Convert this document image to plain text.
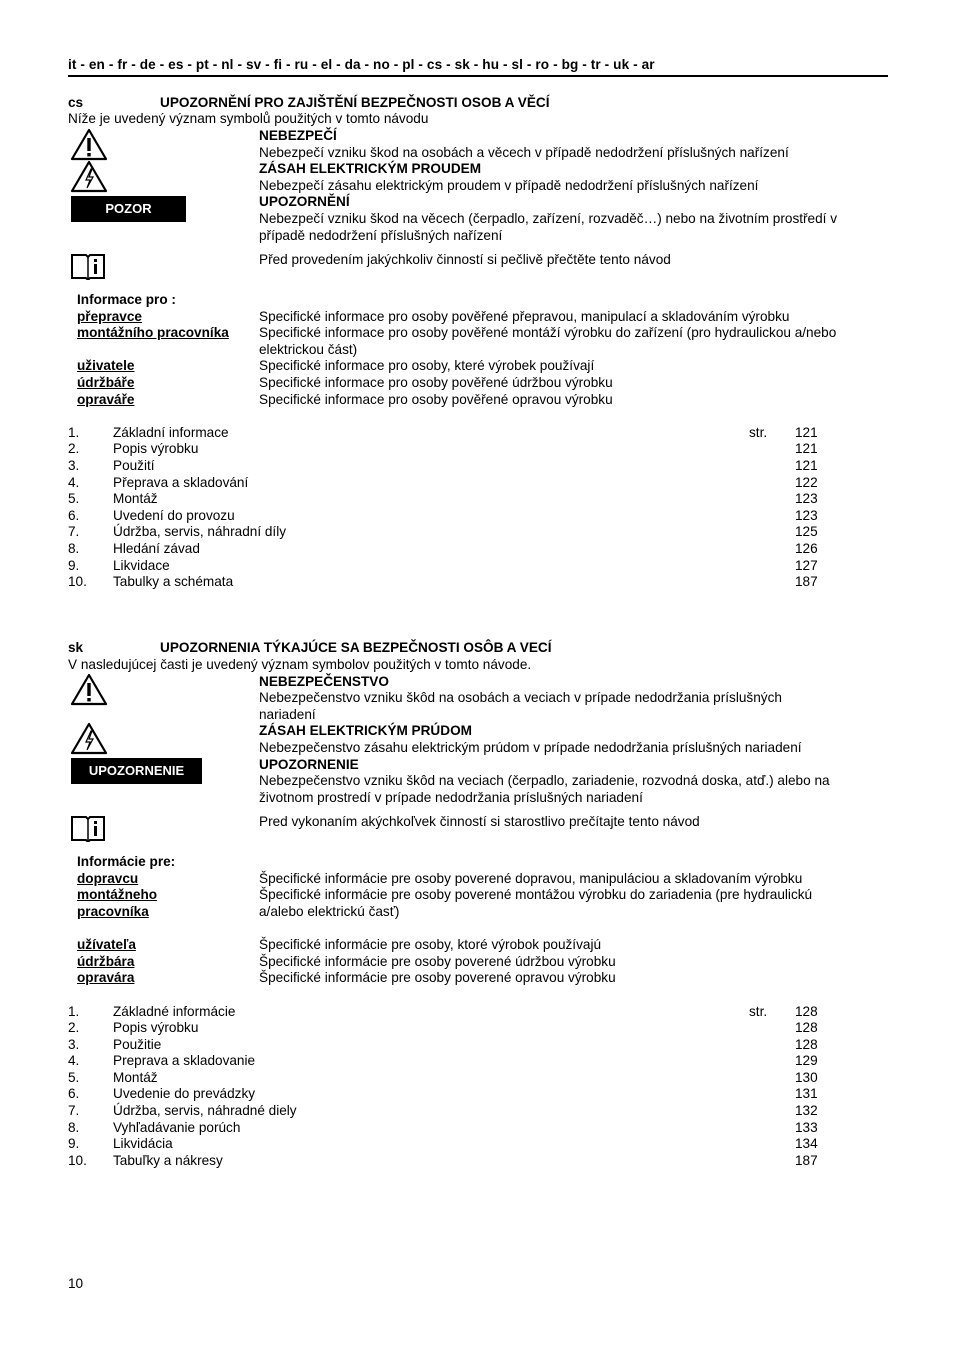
it - en - fr - de - es - pt - nl - sv - fi - ru - el - da - no - pl - cs - sk - hu - sl - ro - bg - tr - uk - ar
cs	UPOZORNĚNÍ PRO ZAJIŠTĚNÍ BEZPEČNOSTI OSOB A VĚCÍ
Níže je uvedený význam symbolů použitých v tomto návodu
POZOR
NEBEZPEČÍ
Nebezpečí vzniku škod na osobách a věcech v případě nedodržení příslušných nařízení
ZÁSAH ELEKTRICKÝM PROUDEM
Nebezpečí zásahu elektrickým proudem v případě nedodržení příslušných nařízení
UPOZORNĚNÍ
Nebezpečí vzniku škod na věcech (čerpadlo, zařízení, rozvaděč…) nebo na životním prostředí v
případě nedodržení příslušných nařízení
Před provedením jakýchkoliv činností si pečlivě přečtěte tento návod
Informace pro :
přepravce	Specifické informace pro osoby pověřené přepravou, manipulací a skladováním výrobku
montážního pracovníka Specifické informace pro osoby pověřené montáží výrobku do zařízení (pro hydraulickou a/nebo
elektrickou část)
uživatele	Specifické informace pro osoby, které výrobek používají
údržbáře	Specifické informace pro osoby pověřené údržbou výrobku
opraváře	Specifické informace pro osoby pověřené opravou výrobku
1. Základní informace	str. 121
2. Popis výrobku	121
3. Použití	121
4. Přeprava a skladování	122
5. Montáž	123
6. Uvedení do provozu	123
7. Údržba, servis, náhradní díly	125
8. Hledání závad	126
9. Likvidace	127
10. Tabulky a schémata	187
sk	UPOZORNENIA TÝKAJÚCE SA BEZPEČNOSTI OSÔB A VECÍ
V nasledujúcej časti je uvedený význam symbolov použitých v tomto návode.
UPOZORNENIE
NEBEZPEČENSTVO
Nebezpečenstvo vzniku škôd na osobách a veciach v prípade nedodržania príslušných
nariadení
ZÁSAH ELEKTRICKÝM PRÚDOM
Nebezpečenstvo zásahu elektrickým prúdom v prípade nedodržania príslušných nariadení
UPOZORNENIE
Nebezpečenstvo vzniku škôd na veciach (čerpadlo, zariadenie, rozvodná doska, atď.) alebo na
životnom prostredí v prípade nedodržania príslušných nariadení
Pred vykonaním akýchkoľvek činností si starostlivo prečítajte tento návod
Informácie pre:
dopravcu	Špecifické informácie pre osoby poverené dopravou, manipuláciou a skladovaním výrobku
montážneho
pracovníka
Špecifické informácie pre osoby poverené montážou výrobku do zariadenia (pre hydraulickú
a/alebo elektrickú časť)
užívateľa	Špecifické informácie pre osoby, ktoré výrobok používajú
údržbára	Špecifické informácie pre osoby poverené údržbou výrobku
opravára	Špecifické informácie pre osoby poverené opravou výrobku
1. Základné informácie	str. 128
2. Popis výrobku	128
3. Použitie	128
4. Preprava a skladovanie	129
5. Montáž	130
6. Uvedenie do prevádzky	131
7. Údržba, servis, náhradné diely	132
8. Vyhľadávanie porúch	133
9. Likvidácia	134
10. Tabuľky a nákresy	187
10
